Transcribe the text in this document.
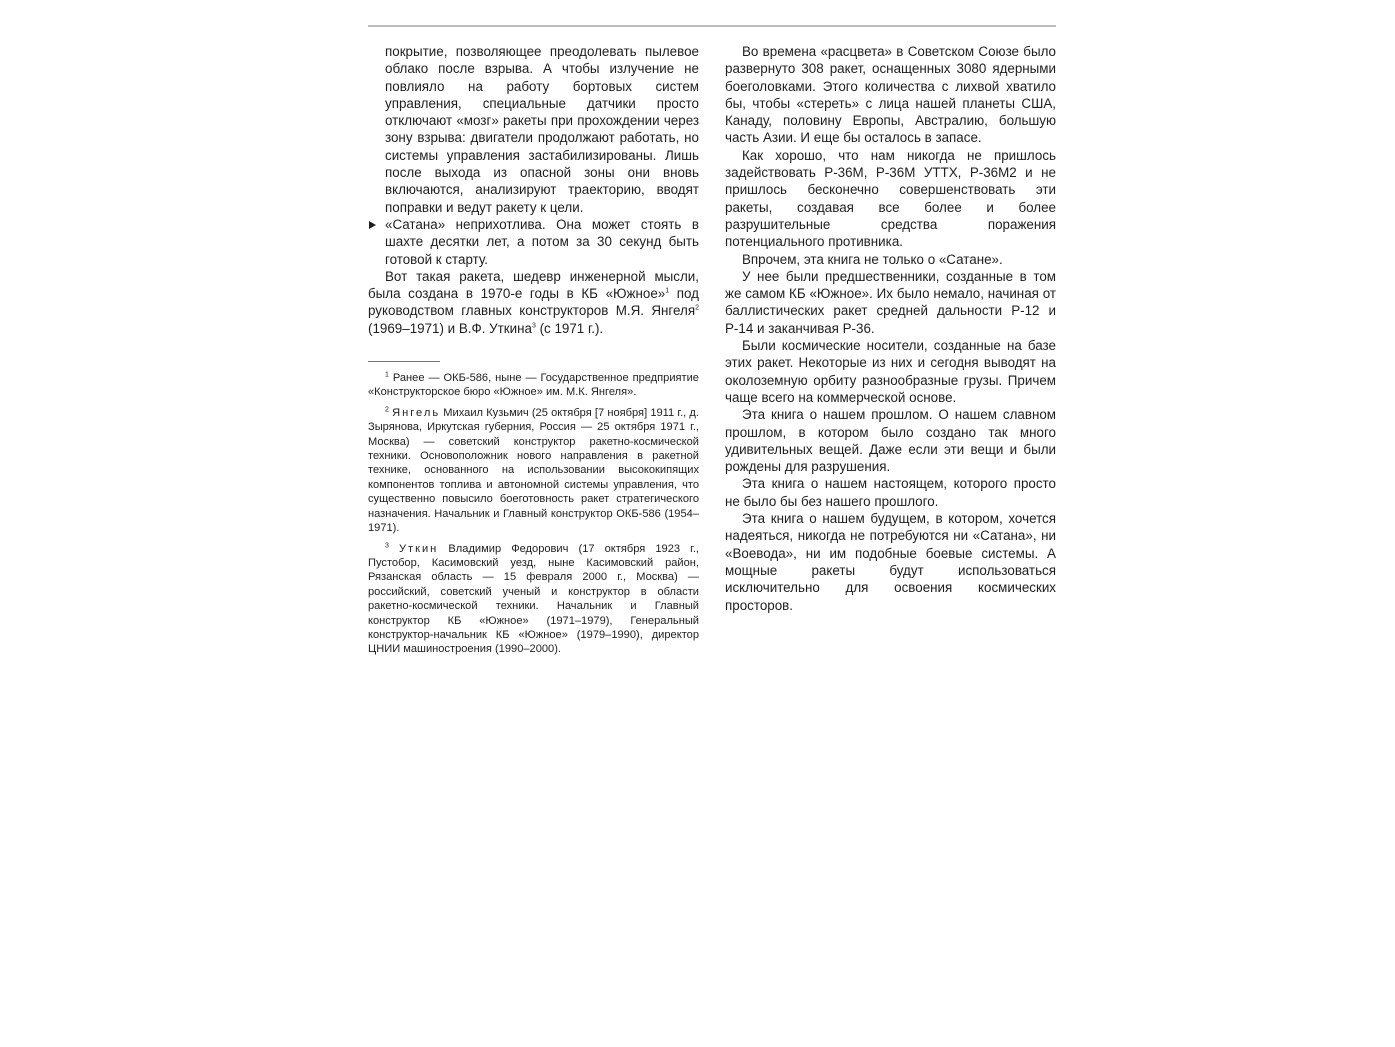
покрытие, позволяющее преодолевать пылевое облако после взрыва. А чтобы излучение не повлияло на работу бортовых систем управления, специальные датчики просто отключают «мозг» ракеты при прохождении через зону взрыва: двигатели продолжают работать, но системы управления застабилизированы. Лишь после выхода из опасной зоны они вновь включаются, анализируют траекторию, вводят поправки и ведут ракету к цели.

«Сатана» неприхотлива. Она может стоять в шахте десятки лет, а потом за 30 секунд быть готовой к старту.

Вот такая ракета, шедевр инженерной мысли, была создана в 1970-е годы в КБ «Южное»$^1$ под руководством главных конструкторов М.Я. Янгеля$^2$ (1969–1971) и В.Ф. Уткина$^3$ (с 1971 г.).

$^1$ Ранее — ОКБ-586, ныне — Государственное предприятие «Конструкторское бюро «Южное» им. М.К. Янгеля».
$^2$ Янгель Михаил Кузьмич (25 октября [7 ноября] 1911 г., д. Зырянова, Иркутская губерния, Россия — 25 октября 1971 г., Москва) — советский конструктор ракетно-космической техники. Основоположник нового направления в ракетной технике, основанного на использовании высококипящих компонентов топлива и автономной системы управления, что существенно повысило боеготовность ракет стратегического назначения. Начальник и Главный конструктор ОКБ-586 (1954–1971).
$^3$ Уткин Владимир Федорович (17 октября 1923 г., Пустобор, Касимовский уезд, ныне Касимовский район, Рязанская область — 15 февраля 2000 г., Москва) — российский, советский ученый и конструктор в области ракетно-космической техники. Начальник и Главный конструктор КБ «Южное» (1971–1979), Генеральный конструктор-начальник КБ «Южное» (1979–1990), директор ЦНИИ машиностроения (1990–2000).

Во времена «расцвета» в Советском Союзе было развернуто 308 ракет, оснащенных 3080 ядерными боеголовками. Этого количества с лихвой хватило бы, чтобы «стереть» с лица нашей планеты США, Канаду, половину Европы, Австралию, большую часть Азии. И еще бы осталось в запасе.

Как хорошо, что нам никогда не пришлось задействовать Р-36М, Р-36М УТТХ, Р-36М2 и не пришлось бесконечно совершенствовать эти ракеты, создавая все более и более разрушительные средства поражения потенциального противника.

Впрочем, эта книга не только о «Сатане».

У нее были предшественники, созданные в том же самом КБ «Южное». Их было немало, начиная от баллистических ракет средней дальности Р-12 и Р-14 и заканчивая Р-36.

Были космические носители, созданные на базе этих ракет. Некоторые из них и сегодня выводят на околоземную орбиту разнообразные грузы. Причем чаще всего на коммерческой основе.

Эта книга о нашем прошлом. О нашем славном прошлом, в котором было создано так много удивительных вещей. Даже если эти вещи и были рождены для разрушения.

Эта книга о нашем настоящем, которого просто не было бы без нашего прошлого.

Эта книга о нашем будущем, в котором, хочется надеяться, никогда не потребуются ни «Сатана», ни «Воевода», ни им подобные боевые системы. А мощные ракеты будут использоваться исключительно для освоения космических просторов.
